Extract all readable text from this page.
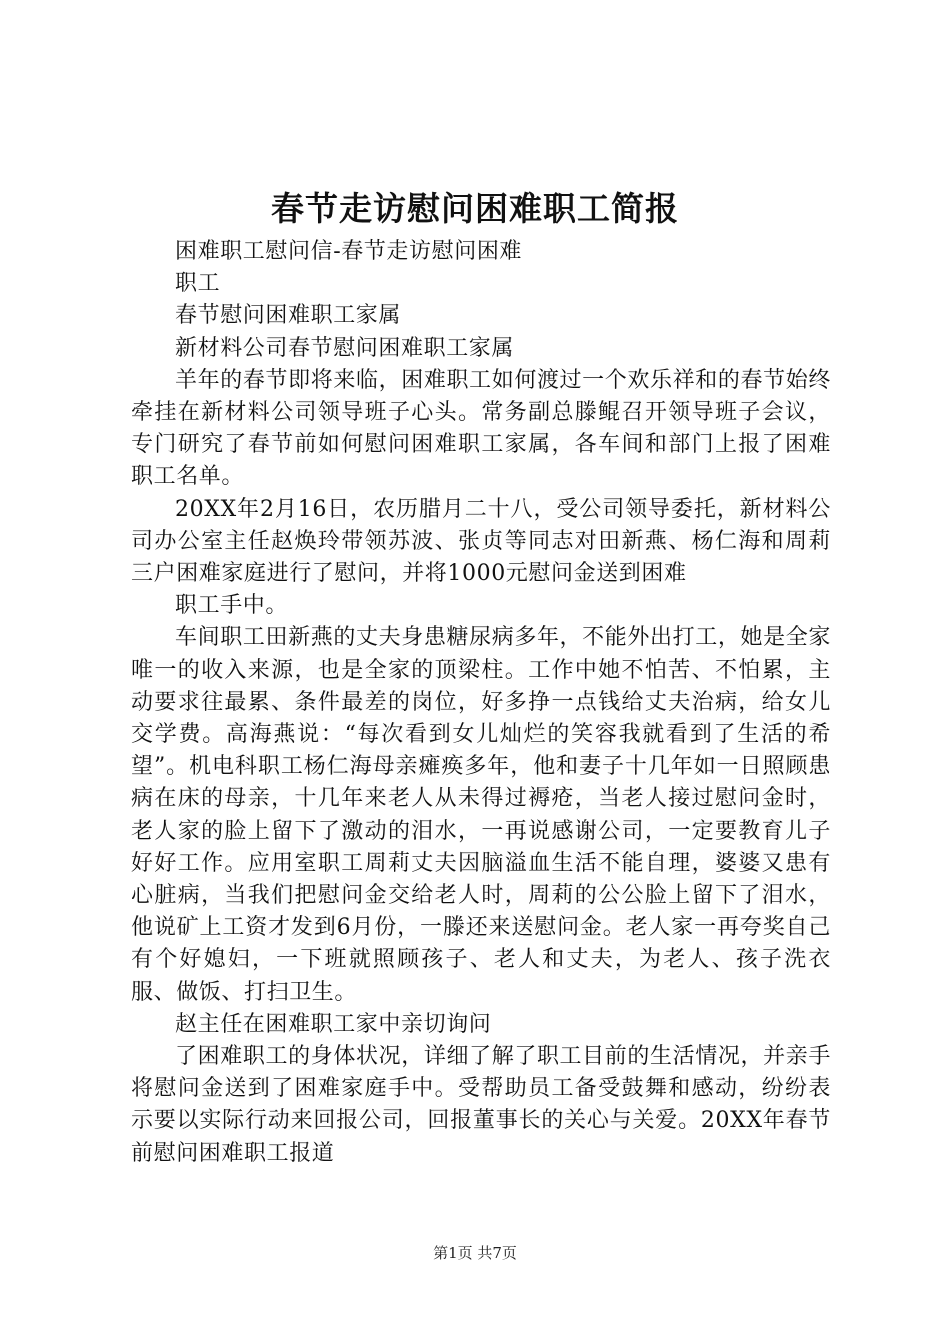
春节走访慰问困难职工简报

困难职工慰问信-春节走访慰问困难

职工

春节慰问困难职工家属

新材料公司春节慰问困难职工家属

羊年的春节即将来临，困难职工如何渡过一个欢乐祥和的春节始终牵挂在新材料公司领导班子心头。常务副总滕鲲召开领导班子会议，专门研究了春节前如何慰问困难职工家属，各车间和部门上报了困难职工名单。

20XX年2月16日，农历腊月二十八，受公司领导委托，新材料公司办公室主任赵焕玲带领苏波、张贞等同志对田新燕、杨仁海和周莉三户困难家庭进行了慰问，并将1000元慰问金送到困难

职工手中。

车间职工田新燕的丈夫身患糖尿病多年，不能外出打工，她是全家唯一的收入来源，也是全家的顶梁柱。工作中她不怕苦、不怕累，主动要求往最累、条件最差的岗位，好多挣一点钱给丈夫治病，给女儿交学费。高海燕说：“每次看到女儿灿烂的笑容我就看到了生活的希望”。机电科职工杨仁海母亲瘫痪多年，他和妻子十几年如一日照顾患病在床的母亲，十几年来老人从未得过褥疮，当老人接过慰问金时，老人家的脸上留下了激动的泪水，一再说感谢公司，一定要教育儿子好好工作。应用室职工周莉丈夫因脑溢血生活不能自理，婆婆又患有心脏病，当我们把慰问金交给老人时，周莉的公公脸上留下了泪水，他说矿上工资才发到6月份，一滕还来送慰问金。老人家一再夸奖自己有个好媳妇，一下班就照顾孩子、老人和丈夫，为老人、孩子洗衣服、做饭、打扫卫生。

赵主任在困难职工家中亲切询问

了困难职工的身体状况，详细了解了职工目前的生活情况，并亲手将慰问金送到了困难家庭手中。受帮助员工备受鼓舞和感动，纷纷表示要以实际行动来回报公司，回报董事长的关心与关爱。20XX年春节前慰问困难职工报道

第1页 共7页
